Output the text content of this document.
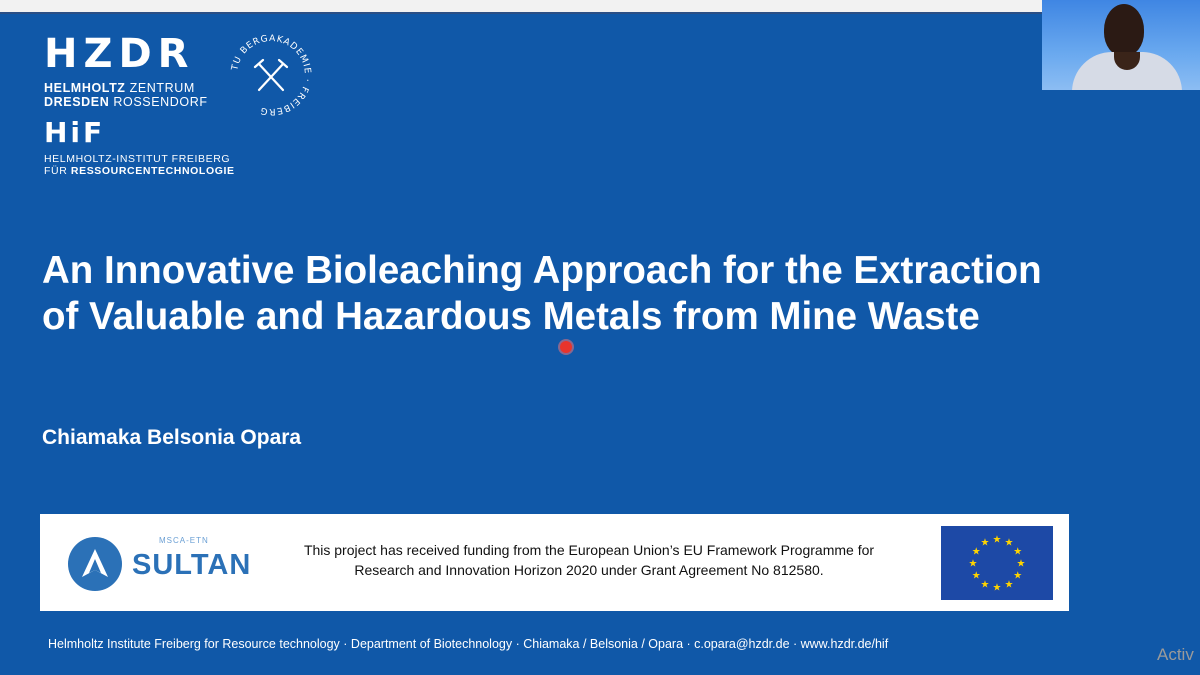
HZDR
HELMHOLTZ ZENTRUM
DRESDEN ROSSENDORF
HiF
HELMHOLTZ-INSTITUT FREIBERG
FÜR RESSOURCENTECHNOLOGIE
TU BERGAKADEMIE · FREIBERG
An Innovative Bioleaching Approach for the Extraction
of Valuable and Hazardous Metals from Mine Waste
Chiamaka Belsonia Opara
MSCA-ETN
SULTAN	This project has received funding from the European Union’s EU Framework Programme for
Research and Innovation Horizon 2020 under Grant Agreement No 812580.
★ ★
★
★
★
★
★
★
★
★
★
★
Helmholtz Institute Freiberg for Resource technology · Department of Biotechnology · Chiamaka / Belsonia / Opara · c.opara@hzdr.de · www.hzdr.de/hif
Activ
